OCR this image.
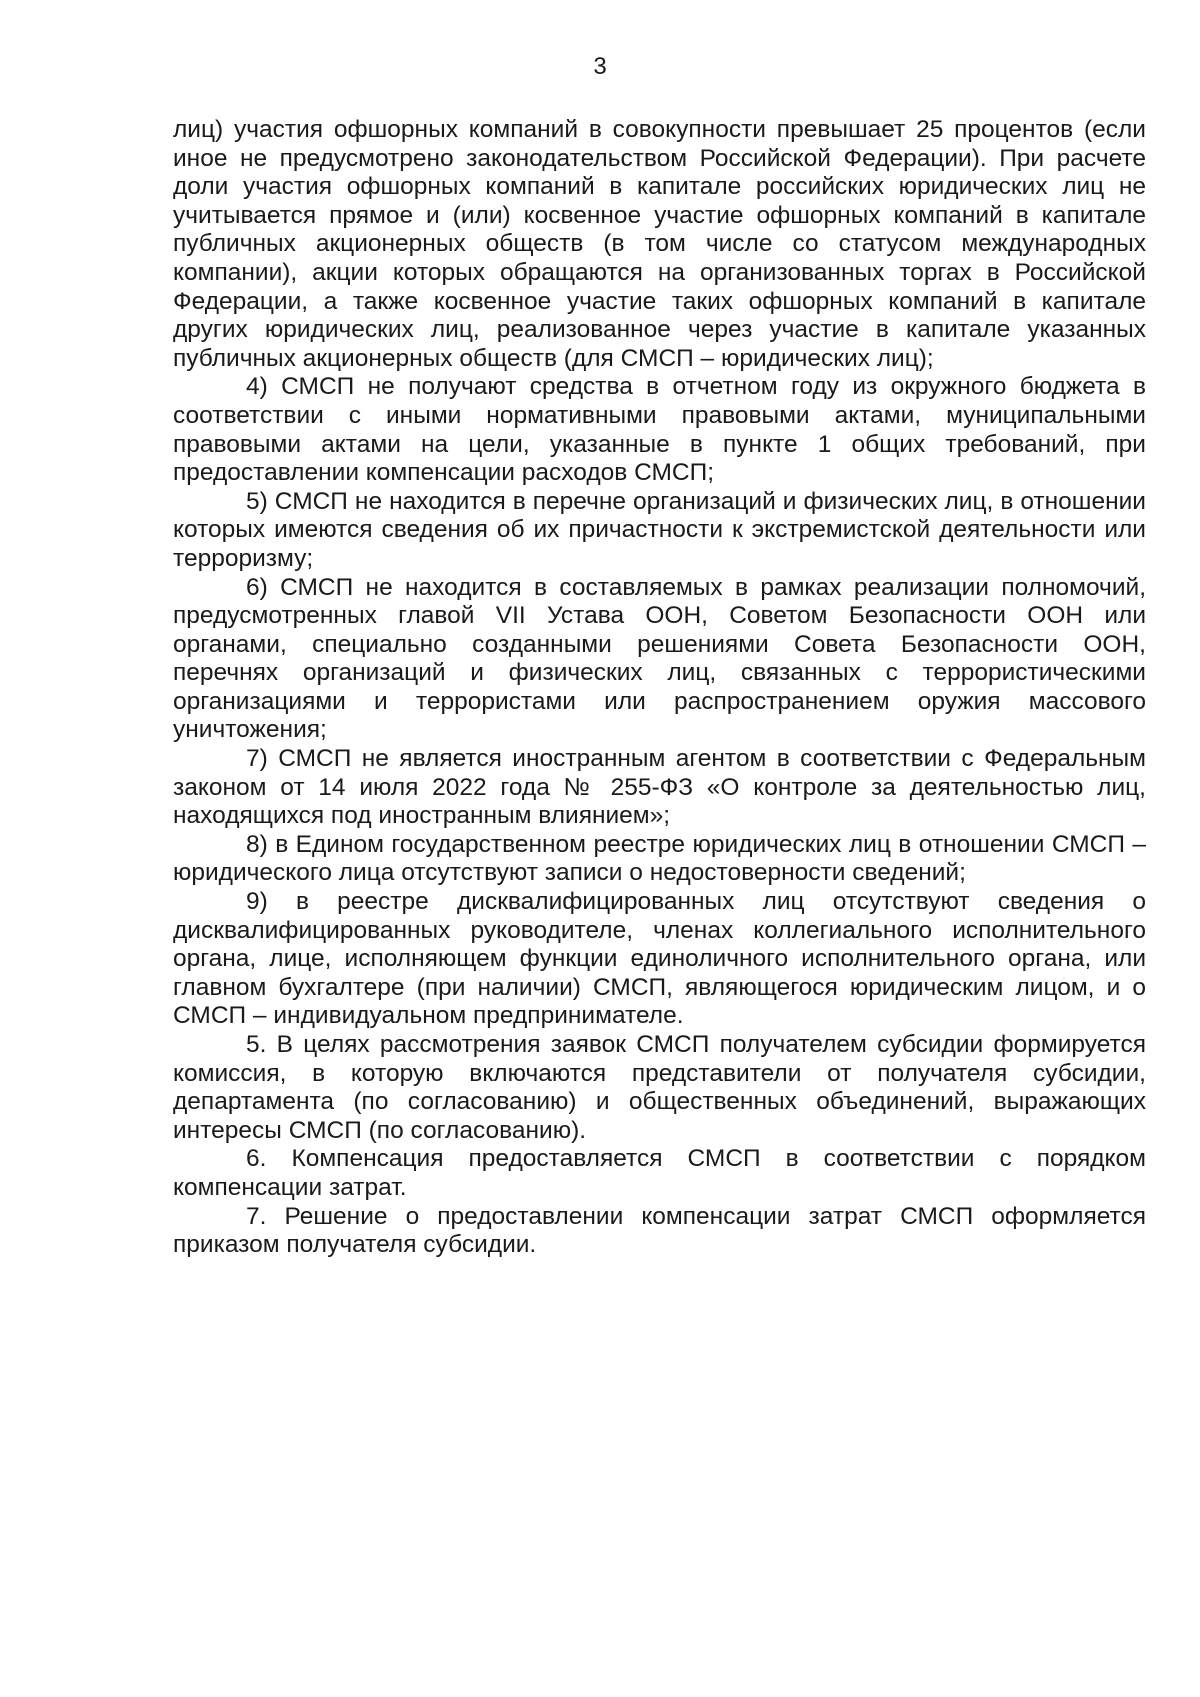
3

лиц) участия офшорных компаний в совокупности превышает 25 процентов (если иное не предусмотрено законодательством Российской Федерации). При расчете доли участия офшорных компаний в капитале российских юридических лиц не учитывается прямое и (или) косвенное участие офшорных компаний в капитале публичных акционерных обществ (в том числе со статусом международных компании), акции которых обращаются на организованных торгах в Российской Федерации, а также косвенное участие таких офшорных компаний в капитале других юридических лиц, реализованное через участие в капитале указанных публичных акционерных обществ (для СМСП – юридических лиц);

4) СМСП не получают средства в отчетном году из окружного бюджета в соответствии с иными нормативными правовыми актами, муниципальными правовыми актами на цели, указанные в пункте 1 общих требований, при предоставлении компенсации расходов СМСП;

5) СМСП не находится в перечне организаций и физических лиц, в отношении которых имеются сведения об их причастности к экстремистской деятельности или терроризму;

6) СМСП не находится в составляемых в рамках реализации полномочий, предусмотренных главой VII Устава ООН, Советом Безопасности ООН или органами, специально созданными решениями Совета Безопасности ООН, перечнях организаций и физических лиц, связанных с террористическими организациями и террористами или распространением оружия массового уничтожения;

7) СМСП не является иностранным агентом в соответствии с Федеральным законом от 14 июля 2022 года № 255-ФЗ «О контроле за деятельностью лиц, находящихся под иностранным влиянием»;

8) в Едином государственном реестре юридических лиц в отношении СМСП – юридического лица отсутствуют записи о недостоверности сведений;

9) в реестре дисквалифицированных лиц отсутствуют сведения о дисквалифицированных руководителе, членах коллегиального исполнительного органа, лице, исполняющем функции единоличного исполнительного органа, или главном бухгалтере (при наличии) СМСП, являющегося юридическим лицом, и о СМСП – индивидуальном предпринимателе.

5. В целях рассмотрения заявок СМСП получателем субсидии формируется комиссия, в которую включаются представители от получателя субсидии, департамента (по согласованию) и общественных объединений, выражающих интересы СМСП (по согласованию).

6. Компенсация предоставляется СМСП в соответствии с порядком компенсации затрат.

7. Решение о предоставлении компенсации затрат СМСП оформляется приказом получателя субсидии.
